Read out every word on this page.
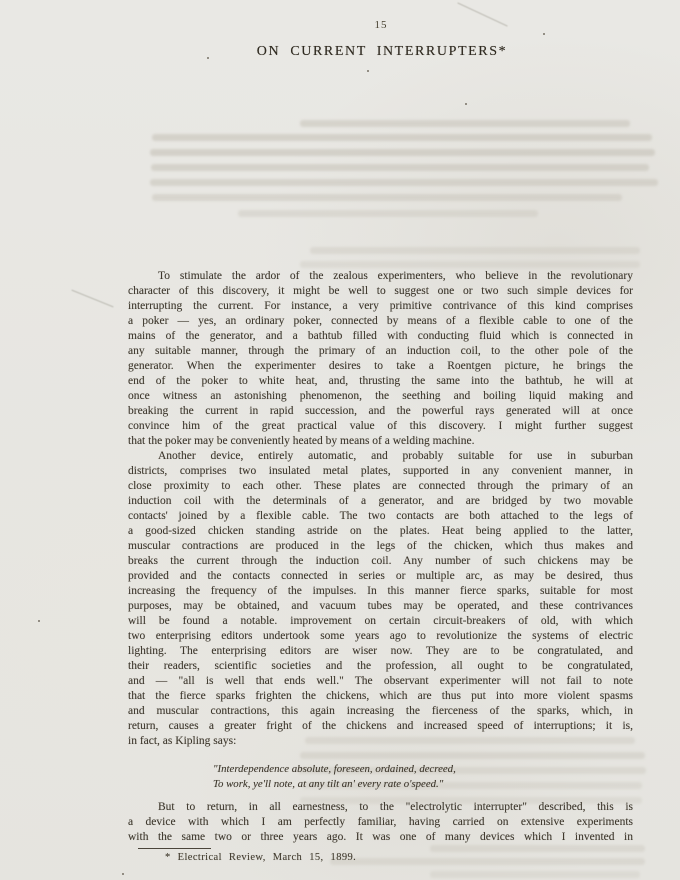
15
ON CURRENT INTERRUPTERS*
To stimulate the ardor of the zealous experimenters, who believe in the revolutionary
character of this discovery, it might be well to suggest one or two such simple devices for
interrupting the current. For instance, a very primitive contrivance of this kind comprises
a poker — yes, an ordinary poker, connected by means of a flexible cable to one of the
mains of the generator, and a bathtub filled with conducting fluid which is connected in
any suitable manner, through the primary of an induction coil, to the other pole of the
generator. When the experimenter desires to take a Roentgen picture, he brings the
end of the poker to white heat, and, thrusting the same into the bathtub, he will at
once witness an astonishing phenomenon, the seething and boiling liquid making and
breaking the current in rapid succession, and the powerful rays generated will at once
convince him of the great practical value of this discovery. I might further suggest
that the poker may be conveniently heated by means of a welding machine.
Another device, entirely automatic, and probably suitable for use in suburban
districts, comprises two insulated metal plates, supported in any convenient manner, in
close proximity to each other. These plates are connected through the primary of an
induction coil with the determinals of a generator, and are bridged by two movable
contacts' joined by a flexible cable. The two contacts are both attached to the legs of
a good-sized chicken standing astride on the plates. Heat being applied to the latter,
muscular contractions are produced in the legs of the chicken, which thus makes and
breaks the current through the induction coil. Any number of such chickens may be
provided and the contacts connected in series or multiple arc, as may be desired, thus
increasing the frequency of the impulses. In this manner fierce sparks, suitable for most
purposes, may be obtained, and vacuum tubes may be operated, and these contrivances
will be found a notable. improvement on certain circuit-breakers of old, with which
two enterprising editors undertook some years ago to revolutionize the systems of electric
lighting. The enterprising editors are wiser now. They are to be congratulated, and
their readers, scientific societies and the profession, all ought to be congratulated,
and — "all is well that ends well." The observant experimenter will not fail to note
that the fierce sparks frighten the chickens, which are thus put into more violent spasms
and muscular contractions, this again increasing the fierceness of the sparks, which, in
return, causes a greater fright of the chickens and increased speed of interruptions; it is,
in fact, as Kipling says:
"Interdependence absolute, foreseen, ordained, decreed,
To work, ye'll note, at any tilt an' every rate o'speed."
But to return, in all earnestness, to the "electrolytic interrupter" described, this is
a device with which I am perfectly familiar, having carried on extensive experiments
with the same two or three years ago. It was one of many devices which I invented in
* Electrical Review, March 15, 1899.
